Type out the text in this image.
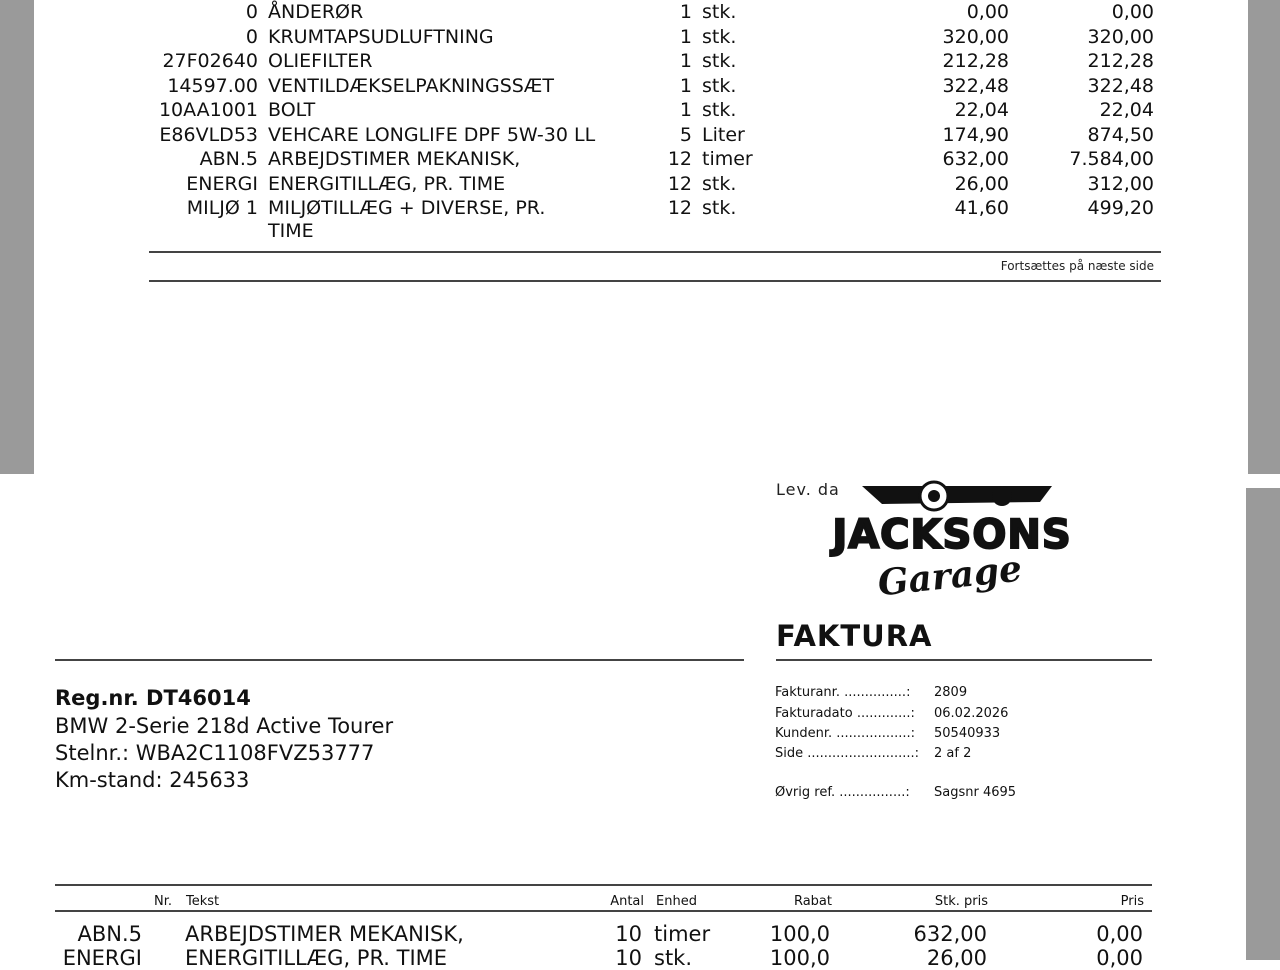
0 ÅNDERØR	1 stk.	0,00	0,00
0 KRUMTAPSUDLUFTNING	1 stk.	320,00	320,00
27F02640 OLIEFILTER	1 stk.	212,28	212,28
14597.00 VENTILDÆKSELPAKNINGSSÆT	1 stk.	322,48	322,48
10AA1001 BOLT	1 stk.	22,04	22,04
E86VLD53 VEHCARE LONGLIFE DPF 5W-30 LL	5 Liter	174,90	874,50
ABN.5 ARBEJDSTIMER MEKANISK,	12 timer	632,00	7.584,00
ENERGI ENERGITILLÆG, PR. TIME	12 stk.	26,00	312,00
MILJØ 1 MILJØTILLÆG + DIVERSE, PR.	12 stk.	41,60	499,20
TIME
Fortsættes på næste side
Lev. da
JACKSONS
Garage
FAKTURA
Reg.nr. DT46014
BMW 2-Serie 218d Active Tourer
Stelnr.: WBA2C1108FVZ53777
Km-stand: 245633
Fakturanr. ...............: 2809
Fakturadato .............: 06.02.2026
Kundenr. ..................: 50540933
Side ..........................: 2 af 2
Øvrig ref. ................: Sagsnr 4695
Nr. Tekst	Antal Enhed	Rabat	Stk. pris	Pris
ABN.5 ARBEJDSTIMER MEKANISK,	10 timer	100,0	632,00	0,00
ENERGI ENERGITILLÆG, PR. TIME	10 stk.	100,0	26,00	0,00
